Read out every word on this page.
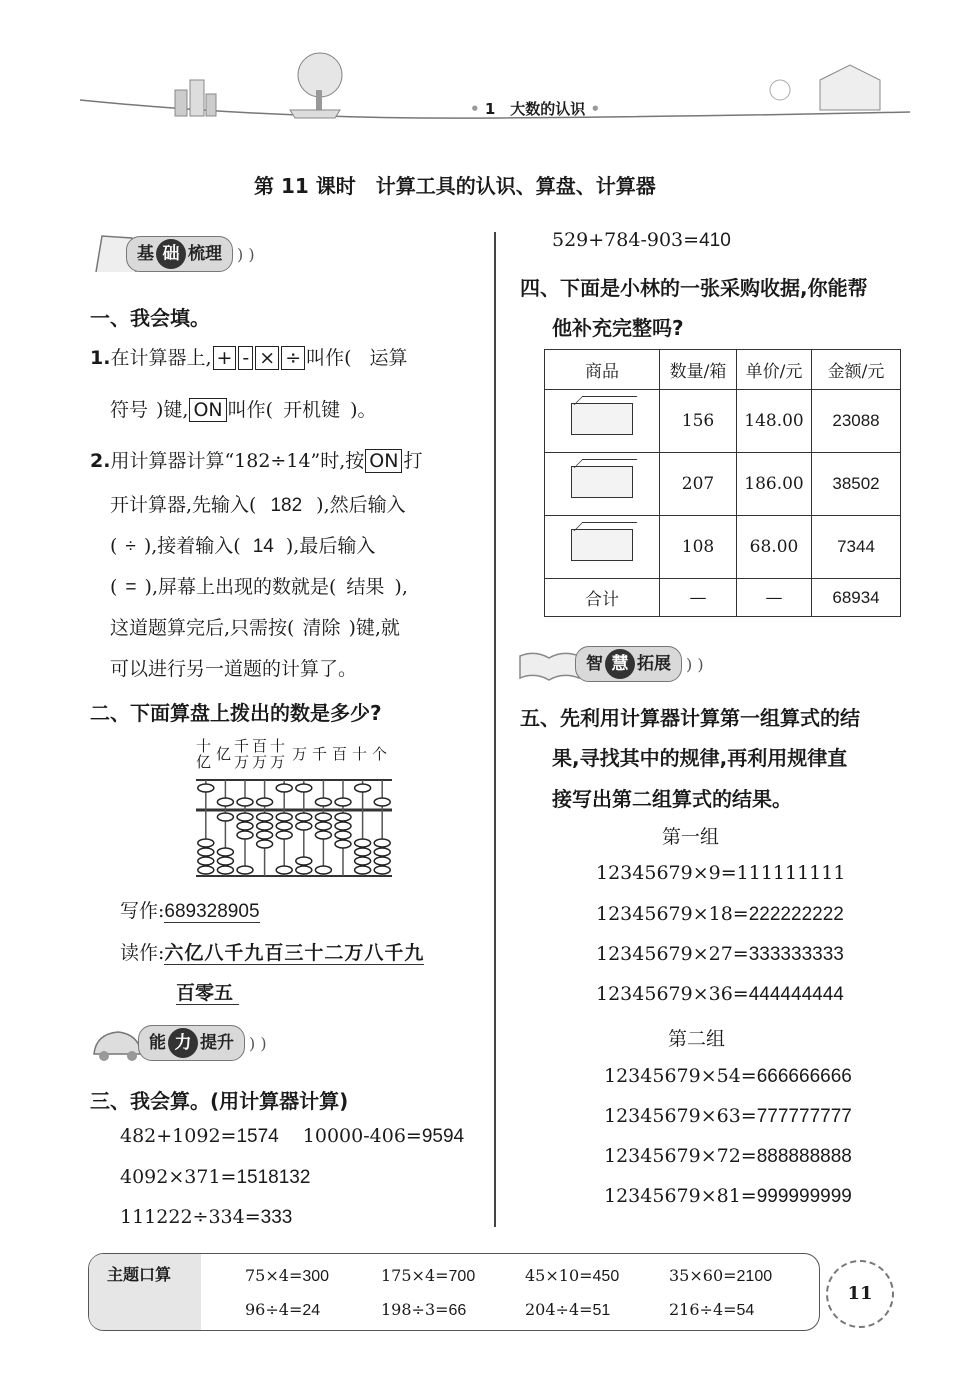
• 1　大数的认识 •
第 11 课时　计算工具的认识、算盘、计算器
基 础 梳理 ) )
一、我会填。
1.在计算器上, + - × ÷ 叫作( 运算
符号 )键, ON 叫作( 开机键 )。
2.用计算器计算“182÷14”时,按 ON 打
开计算器,先输入( 182 ),然后输入
( ÷ ),接着输入( 14 ),最后输入
( = ),屏幕上出现的数就是( 结果 ),
这道题算完后,只需按( 清除 )键,就
可以进行另一道题的计算了。
二、下面算盘上拨出的数是多少?
十
亿 亿 千
万
百
万
十
万 万 千 百 十 个
写作:689328905
读作:六亿八千九百三十二万八千九
百零五
能 力 提升 ) )
三、我会算。(用计算器计算)
482+1092=1574 10000-406=9594
4092×371=1518132
111222÷334=333
529+784-903=410
四、下面是小林的一张采购收据,你能帮
他补充完整吗?
商品	数量/箱	单价/元	金额/元
	156	148.00	23088
	207	186.00	38502
	108	68.00	7344
合计	—	—	68934
智 慧 拓展 ) )
五、先利用计算器计算第一组算式的结
果,寻找其中的规律,再利用规律直
接写出第二组算式的结果。
第一组
12345679×9=111111111
12345679×18=222222222
12345679×27=333333333
12345679×36=444444444
第二组
12345679×54=666666666
12345679×63=777777777
12345679×72=888888888
12345679×81=999999999
主题口算	75×4=300	175×4=700	45×10=450	35×60=2100
96÷4=24	198÷3=66	204÷4=51	216÷4=54
11
